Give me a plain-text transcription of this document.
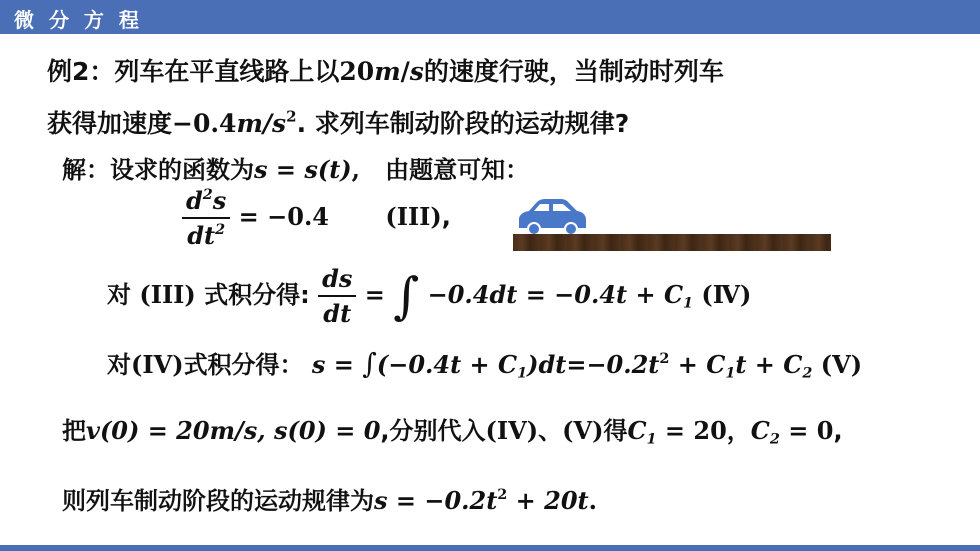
微 分 方 程
例2：列车在平直线路上以20m/s的速度行驶，当制动时列车
获得加速度$-0.4m/s^2$. 求列车制动阶段的运动规律?
解：设求的函数为s = s(t), 由题意可知：
$\frac{d^2s}{dt^2} = -0.4$ (III),
对 (III) 式积分得: $\frac{ds}{dt}$ = ∫ $-0.4dt = -0.4t + C_1$ (Ⅳ)
对(IV)式积分得： $s = \int(-0.4t + C_1)dt=-0.2t^2 + C_1t + C_2$ (V)
把v(0) = 20m/s, s(0) = 0,分别代入(IV)、(V)得$C_1 = 20$，$C_2 = 0$,
则列车制动阶段的运动规律为$s = -0.2t^2 + 20t$.
